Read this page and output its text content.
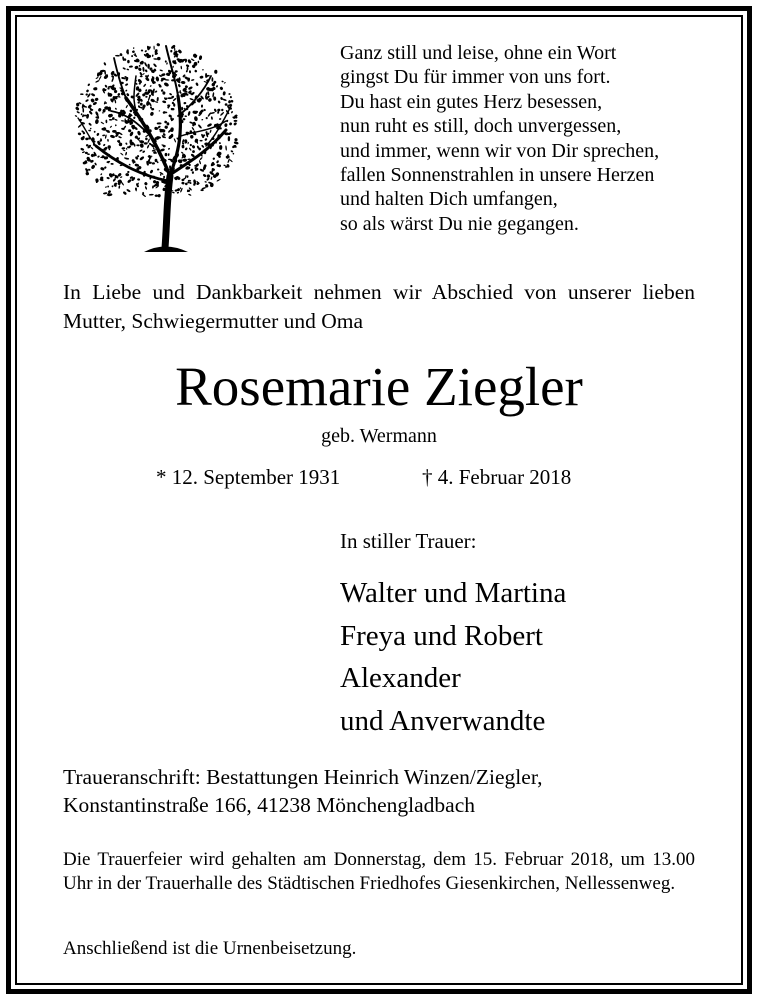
Ganz still und leise, ohne ein Wort
gingst Du für immer von uns fort.
Du hast ein gutes Herz besessen,
nun ruht es still, doch unvergessen,
und immer, wenn wir von Dir sprechen,
fallen Sonnenstrahlen in unsere Herzen
und halten Dich umfangen,
so als wärst Du nie gegangen.
In Liebe und Dankbarkeit nehmen wir Abschied von unserer lieben Mutter, Schwiegermutter und Oma
Rosemarie Ziegler
geb. Wermann
* 12. September 1931	† 4. Februar 2018
In stiller Trauer:
Walter und Martina
Freya und Robert
Alexander
und Anverwandte
Traueranschrift: Bestattungen Heinrich Winzen/Ziegler,
Konstantinstraße 166, 41238 Mönchengladbach
Die Trauerfeier wird gehalten am Donnerstag, dem 15. Februar 2018, um 13.00 Uhr in der Trauerhalle des Städtischen Friedhofes Giesenkirchen, Nellessenweg.
Anschließend ist die Urnenbeisetzung.
